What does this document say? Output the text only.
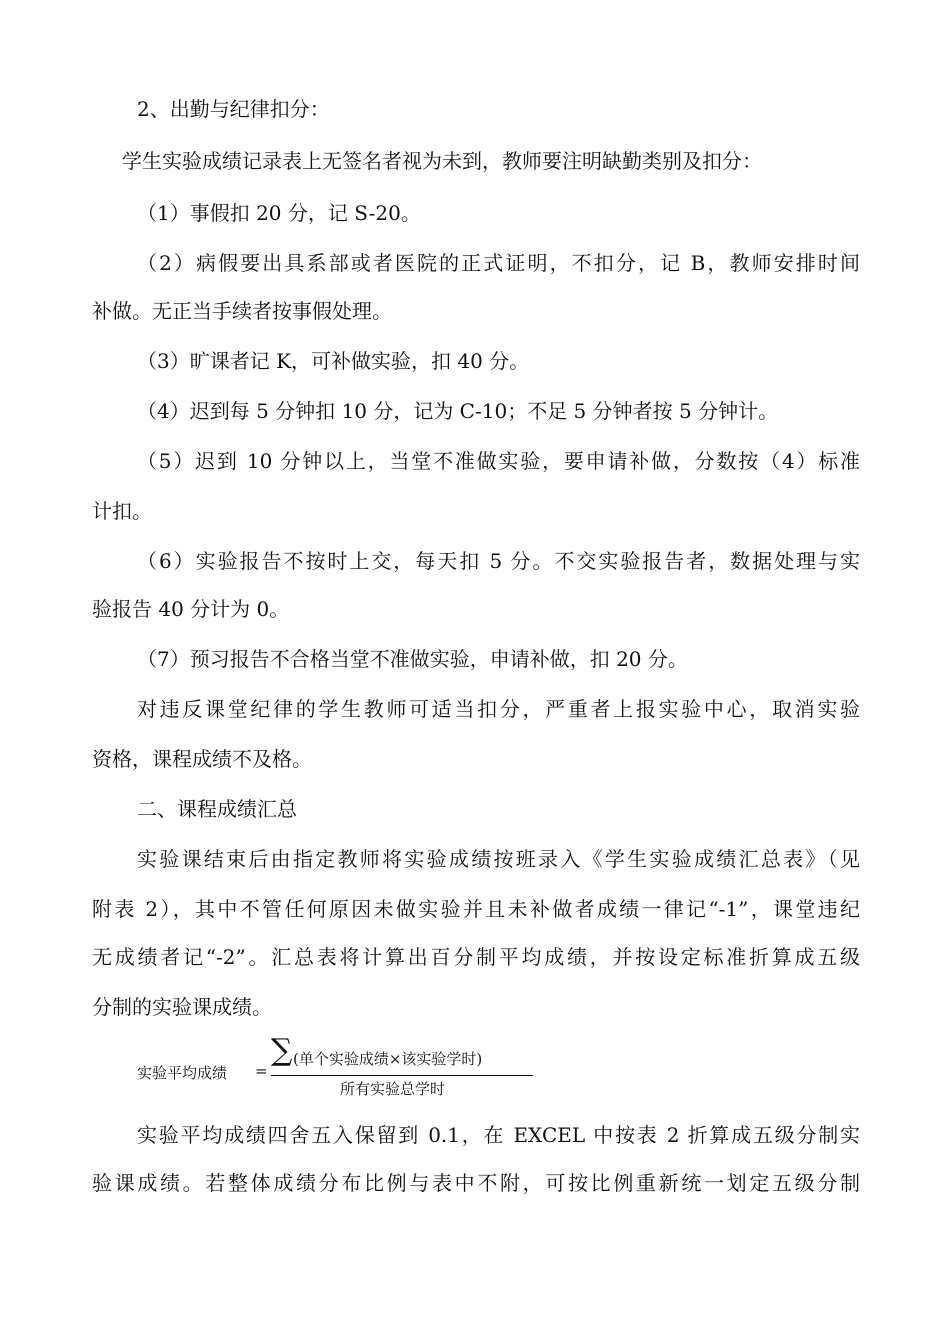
2、出勤与纪律扣分：
学生实验成绩记录表上无签名者视为未到，教师要注明缺勤类别及扣分：
（1）事假扣 20 分，记 S-20。
（2）病假要出具系部或者医院的正式证明，不扣分，记 B，教师安排时间
补做。无正当手续者按事假处理。
（3）旷课者记 K，可补做实验，扣 40 分。
（4）迟到每 5 分钟扣 10 分，记为 C-10；不足 5 分钟者按 5 分钟计。
（5）迟到 10 分钟以上，当堂不准做实验，要申请补做，分数按（4）标准
计扣。
（6）实验报告不按时上交，每天扣 5 分。不交实验报告者，数据处理与实
验报告 40 分计为 0。
（7）预习报告不合格当堂不准做实验，申请补做，扣 20 分。
对违反课堂纪律的学生教师可适当扣分，严重者上报实验中心，取消实验
资格，课程成绩不及格。
二、课程成绩汇总
实验课结束后由指定教师将实验成绩按班录入《学生实验成绩汇总表》（见
附表 2），其中不管任何原因未做实验并且未补做者成绩一律记“-1”，课堂违纪
无成绩者记“-2”。汇总表将计算出百分制平均成绩，并按设定标准折算成五级
分制的实验课成绩。
实验平均成绩 =
∑ (单个实验成绩×该实验学时)
所有实验总学时
实验平均成绩四舍五入保留到 0.1，在 EXCEL 中按表 2 折算成五级分制实
验课成绩。若整体成绩分布比例与表中不附，可按比例重新统一划定五级分制
